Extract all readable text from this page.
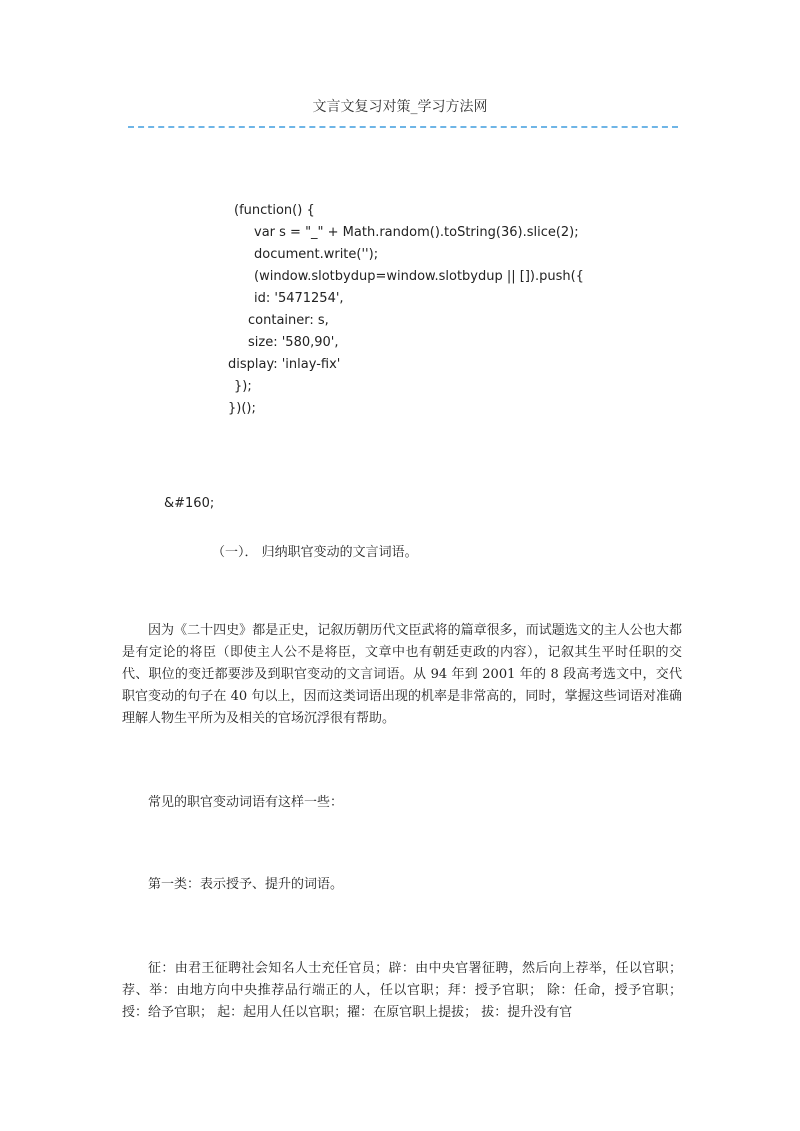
文言文复习对策_学习方法网
(function() {
var s = "_" + Math.random().toString(36).slice(2);
document.write('');
(window.slotbydup=window.slotbydup || []).push({
id: '5471254',
container: s,
size: '580,90',
display: 'inlay-fix'
});
})();
&#160;
（一）． 归纳职官变动的文言词语。
因为《二十四史》都是正史，记叙历朝历代文臣武将的篇章很多，而试题选文的主人公也大都是有定论的将臣（即使主人公不是将臣，文章中也有朝廷吏政的内容），记叙其生平时任职的交代、职位的变迁都要涉及到职官变动的文言词语。从 94 年到 2001 年的 8 段高考选文中，交代职官变动的句子在 40 句以上，因而这类词语出现的机率是非常高的，同时，掌握这些词语对准确理解人物生平所为及相关的官场沉浮很有帮助。
常见的职官变动词语有这样一些：
第一类：表示授予、提升的词语。
征：由君王征聘社会知名人士充任官员；辟：由中央官署征聘，然后向上荐举，任以官职； 荐、举：由地方向中央推荐品行端正的人，任以官职；拜：授予官职； 除：任命，授予官职； 授：给予官职； 起：起用人任以官职；擢：在原官职上提拔； 拔：提升没有官
